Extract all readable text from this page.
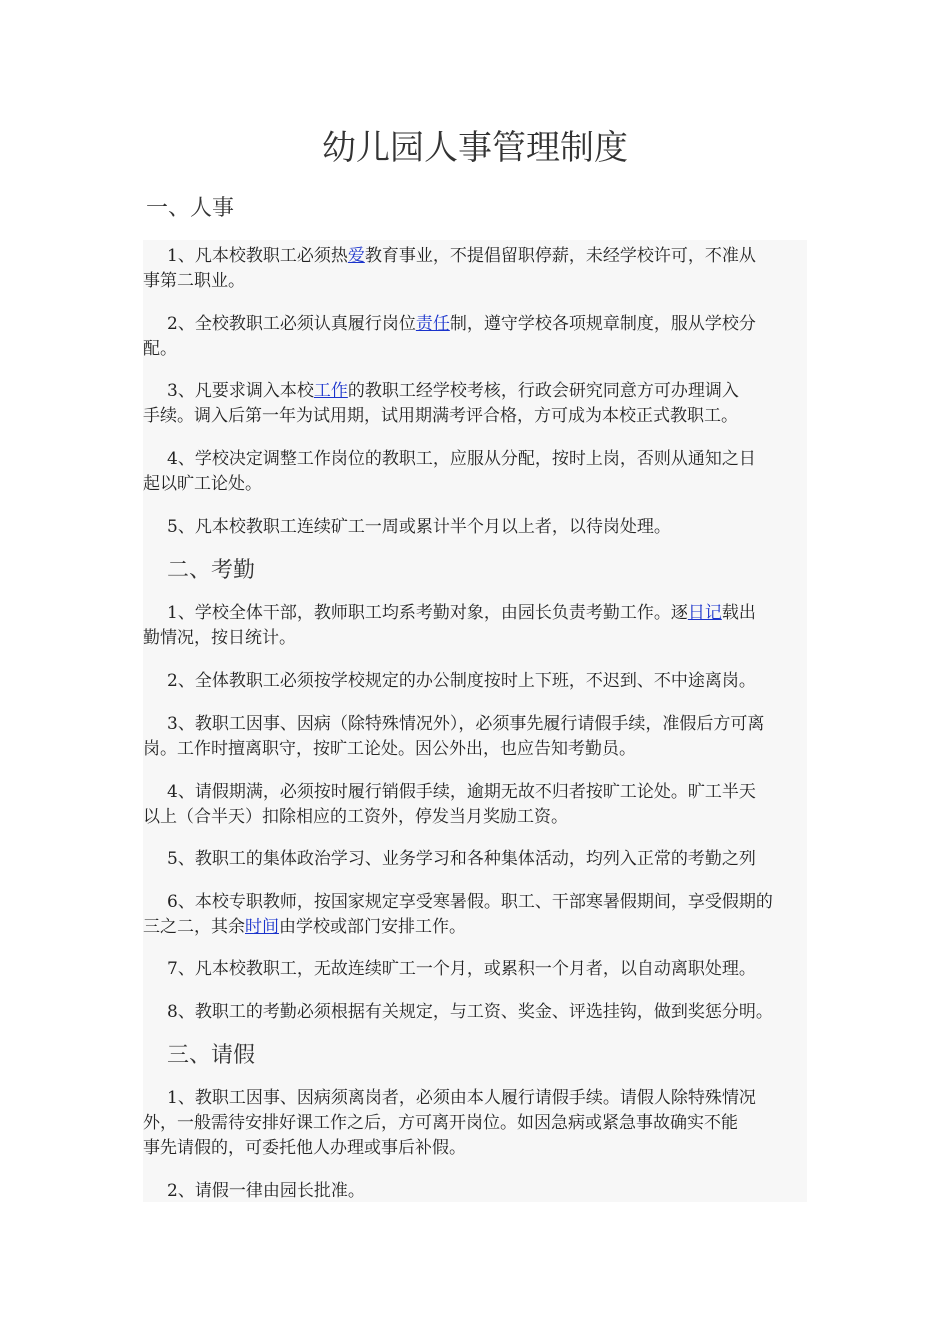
幼儿园人事管理制度
一、人事
1、凡本校教职工必须热爱教育事业，不提倡留职停薪，未经学校许可，不准从
事第二职业。
2、全校教职工必须认真履行岗位责任制，遵守学校各项规章制度，服从学校分
配。
3、凡要求调入本校工作的教职工经学校考核，行政会研究同意方可办理调入
手续。调入后第一年为试用期，试用期满考评合格，方可成为本校正式教职工。
4、学校决定调整工作岗位的教职工，应服从分配，按时上岗，否则从通知之日
起以旷工论处。
5、凡本校教职工连续矿工一周或累计半个月以上者，以待岗处理。
二、考勤
1、学校全体干部，教师职工均系考勤对象，由园长负责考勤工作。逐日记载出
勤情况，按日统计。
2、全体教职工必须按学校规定的办公制度按时上下班，不迟到、不中途离岗。
3、教职工因事、因病（除特殊情况外），必须事先履行请假手续，准假后方可离
岗。工作时擅离职守，按旷工论处。因公外出，也应告知考勤员。
4、请假期满，必须按时履行销假手续，逾期无故不归者按旷工论处。旷工半天
以上（合半天）扣除相应的工资外，停发当月奖励工资。
5、教职工的集体政治学习、业务学习和各种集体活动，均列入正常的考勤之列
6、本校专职教师，按国家规定享受寒暑假。职工、干部寒暑假期间，享受假期的
三之二，其余时间由学校或部门安排工作。
7、凡本校教职工，无故连续旷工一个月，或累积一个月者，以自动离职处理。
8、教职工的考勤必须根据有关规定，与工资、奖金、评选挂钩，做到奖惩分明。
三、请假
1、教职工因事、因病须离岗者，必须由本人履行请假手续。请假人除特殊情况
外，一般需待安排好课工作之后，方可离开岗位。如因急病或紧急事故确实不能
事先请假的，可委托他人办理或事后补假。
2、请假一律由园长批准。
